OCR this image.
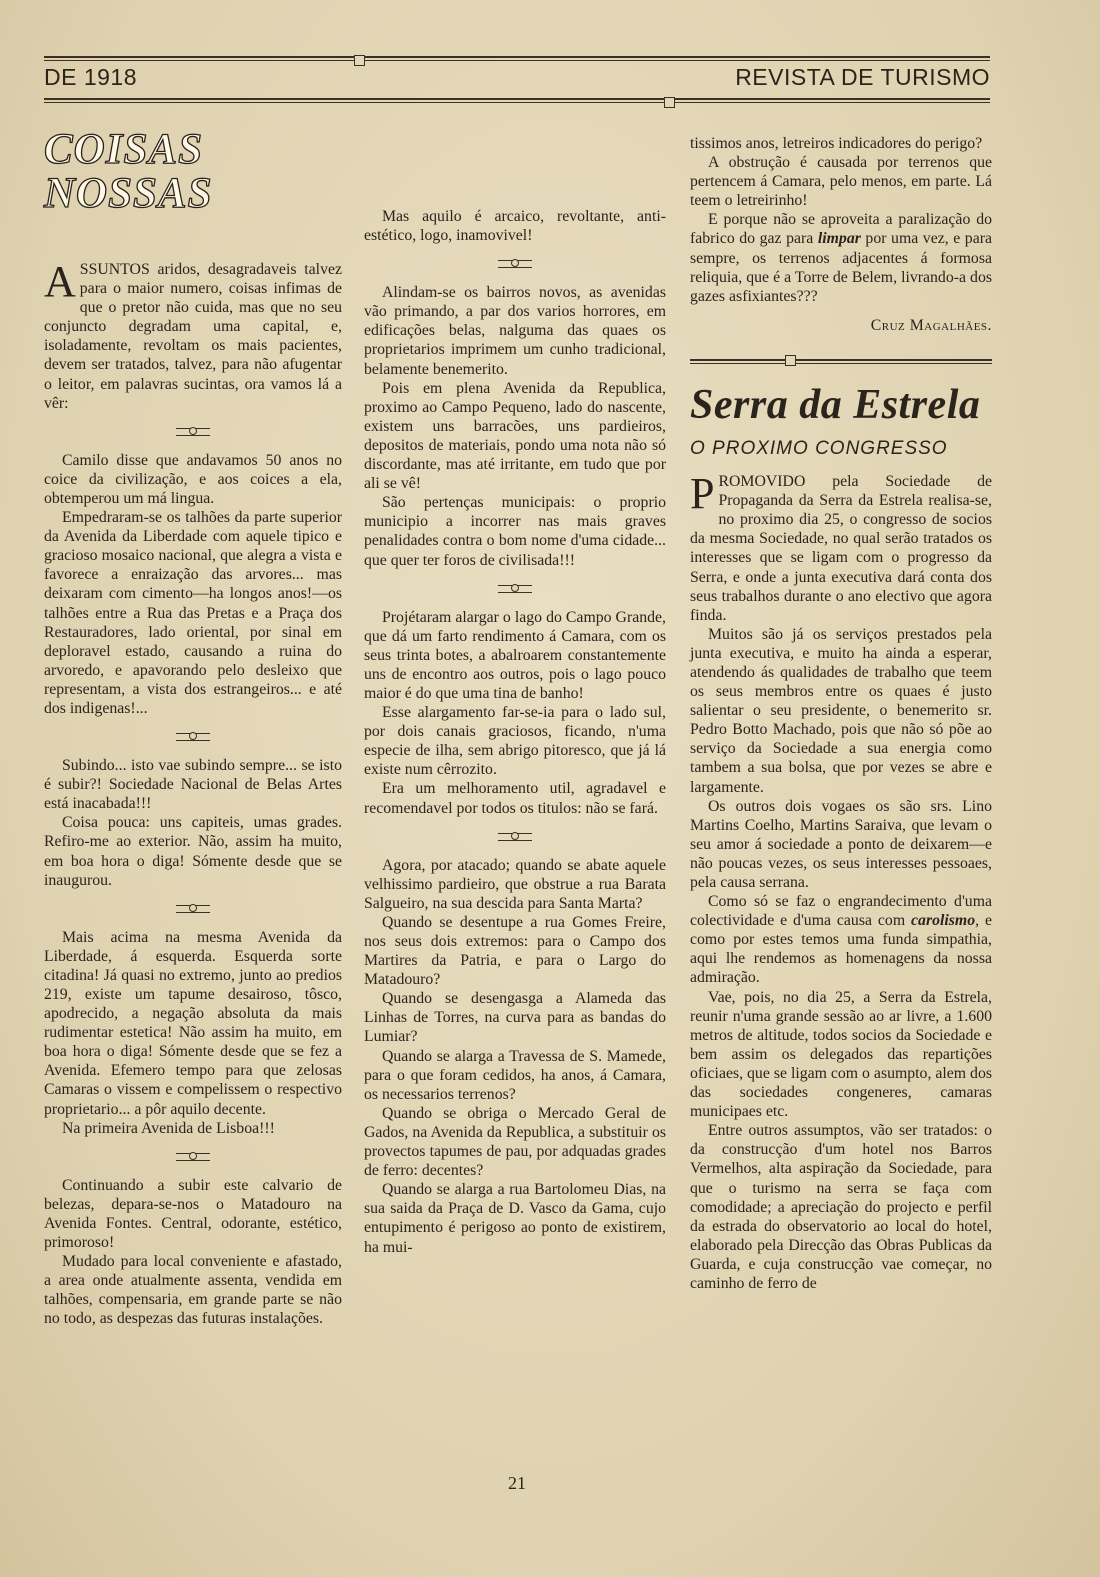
DE 1918	REVISTA DE TURISMO
COISAS NOSSAS

ASSUNTOS aridos, desagradaveis talvez para o maior numero, coisas infimas de que o pretor não cuida, mas que no seu conjuncto degradam uma capital, e, isoladamente, revoltam os mais pacientes, devem ser tratados, talvez, para não afugentar o leitor, em palavras sucintas, ora vamos lá a vêr:

Camilo disse que andavamos 50 anos no coice da civilização, e aos coices a ela, obtemperou um má lingua.

Empedraram-se os talhões da parte superior da Avenida da Liberdade com aquele tipico e gracioso mosaico nacional, que alegra a vista e favorece a enraização das arvores... mas deixaram com cimento—ha longos anos!—os talhões entre a Rua das Pretas e a Praça dos Restauradores, lado oriental, por sinal em deploravel estado, causando a ruina do arvoredo, e apavorando pelo desleixo que representam, a vista dos estrangeiros... e até dos indigenas!...

Subindo... isto vae subindo sempre... se isto é subir?! Sociedade Nacional de Belas Artes está inacabada!!!

Coisa pouca: uns capiteis, umas grades. Refiro-me ao exterior. Não, assim ha muito, em boa hora o diga! Sómente desde que se inaugurou.

Mais acima na mesma Avenida da Liberdade, á esquerda. Esquerda sorte citadina! Já quasi no extremo, junto ao predios 219, existe um tapume desairoso, tôsco, apodrecido, a negação absoluta da mais rudimentar estetica! Não assim ha muito, em boa hora o diga! Sómente desde que se fez a Avenida. Efemero tempo para que zelosas Camaras o vissem e compelissem o respectivo proprietario... a pôr aquilo decente.

Na primeira Avenida de Lisboa!!!

Continuando a subir este calvario de belezas, depara-se-nos o Matadouro na Avenida Fontes. Central, odorante, estético, primoroso!

Mudado para local conveniente e afastado, a area onde atualmente assenta, vendida em talhões, compensaria, em grande parte se não no todo, as despezas das futuras instalações.

Mas aquilo é arcaico, revoltante, anti-estético, logo, inamovivel!

Alindam-se os bairros novos, as avenidas vão primando, a par dos varios horrores, em edificações belas, nalguma das quaes os proprietarios imprimem um cunho tradicional, belamente benemerito.

Pois em plena Avenida da Republica, proximo ao Campo Pequeno, lado do nascente, existem uns barracões, uns pardieiros, depositos de materiais, pondo uma nota não só discordante, mas até irritante, em tudo que por ali se vê!

São pertenças municipais: o proprio municipio a incorrer nas mais graves penalidades contra o bom nome d'uma cidade... que quer ter foros de civilisada!!!

Projétaram alargar o lago do Campo Grande, que dá um farto rendimento á Camara, com os seus trinta botes, a abalroarem constantemente uns de encontro aos outros, pois o lago pouco maior é do que uma tina de banho!

Esse alargamento far-se-ia para o lado sul, por dois canais graciosos, ficando, n'uma especie de ilha, sem abrigo pitoresco, que já lá existe num cêrrozito.

Era um melhoramento util, agradavel e recomendavel por todos os titulos: não se fará.

Agora, por atacado; quando se abate aquele velhissimo pardieiro, que obstrue a rua Barata Salgueiro, na sua descida para Santa Marta?

Quando se desentupe a rua Gomes Freire, nos seus dois extremos: para o Campo dos Martires da Patria, e para o Largo do Matadouro?

Quando se desengasga a Alameda das Linhas de Torres, na curva para as bandas do Lumiar?

Quando se alarga a Travessa de S. Mamede, para o que foram cedidos, ha anos, á Camara, os necessarios terrenos?

Quando se obriga o Mercado Geral de Gados, na Avenida da Republica, a substituir os provectos tapumes de pau, por adquadas grades de ferro: decentes?

Quando se alarga a rua Bartolomeu Dias, na sua saida da Praça de D. Vasco da Gama, cujo entupimento é perigoso ao ponto de existirem, ha mui-

tissimos anos, letreiros indicadores do perigo?

A obstrução é causada por terrenos que pertencem á Camara, pelo menos, em parte. Lá teem o letreirinho!

E porque não se aproveita a paralização do fabrico do gaz para limpar por uma vez, e para sempre, os terrenos adjacentes á formosa reliquia, que é a Torre de Belem, livrando-a dos gazes asfixiantes???

Cruz Magalhães.
Serra da Estrela
O PROXIMO CONGRESSO

PROMOVIDO pela Sociedade de Propaganda da Serra da Estrela realisa-se, no proximo dia 25, o congresso de socios da mesma Sociedade, no qual serão tratados os interesses que se ligam com o progresso da Serra, e onde a junta executiva dará conta dos seus trabalhos durante o ano electivo que agora finda.

Muitos são já os serviços prestados pela junta executiva, e muito ha ainda a esperar, atendendo ás qualidades de trabalho que teem os seus membros entre os quaes é justo salientar o seu presidente, o benemerito sr. Pedro Botto Machado, pois que não só põe ao serviço da Sociedade a sua energia como tambem a sua bolsa, que por vezes se abre e largamente.

Os outros dois vogaes os são srs. Lino Martins Coelho, Martins Saraiva, que levam o seu amor á sociedade a ponto de deixarem—e não poucas vezes, os seus interesses pessoaes, pela causa serrana.

Como só se faz o engrandecimento d'uma colectividade e d'uma causa com carolismo, e como por estes temos uma funda simpathia, aqui lhe rendemos as homenagens da nossa admiração.

Vae, pois, no dia 25, a Serra da Estrela, reunir n'uma grande sessão ao ar livre, a 1.600 metros de altitude, todos socios da Sociedade e bem assim os delegados das repartições oficiaes, que se ligam com o asumpto, alem dos das sociedades congeneres, camaras municipaes etc.

Entre outros assumptos, vão ser tratados: o da construcção d'um hotel nos Barros Vermelhos, alta aspiração da Sociedade, para que o turismo na serra se faça com comodidade; a apreciação do projecto e perfil da estrada do observatorio ao local do hotel, elaborado pela Direcção das Obras Publicas da Guarda, e cuja construcção vae começar, no caminho de ferro de

21
